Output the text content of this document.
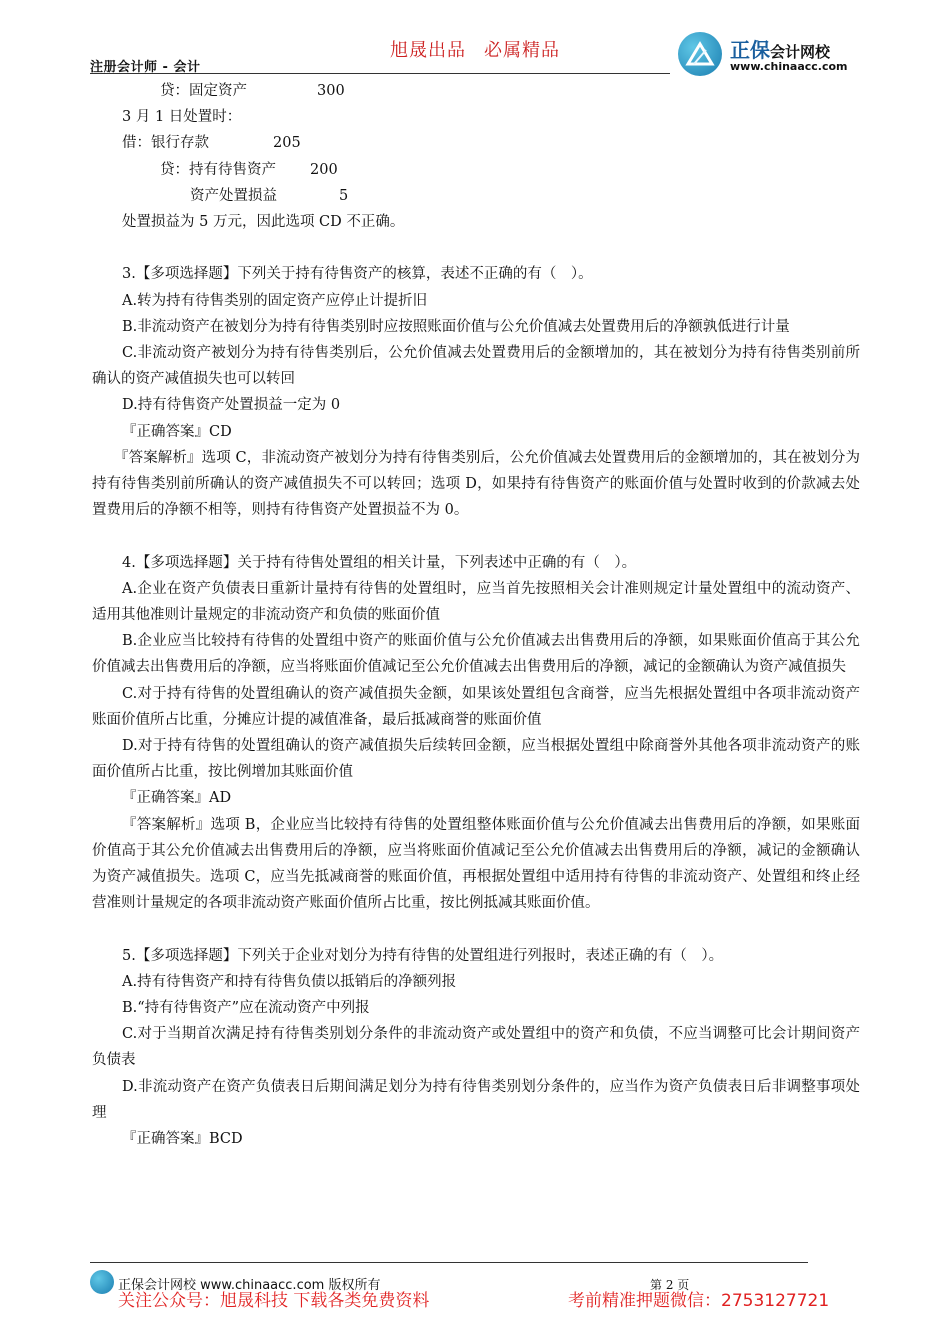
注册会计师 - 会计
旭晟出品 必属精品	正保会计网校
www.chinaacc.com

贷：固定资产	300

3 月 1 日处置时：

借：银行存款	205

贷：持有待售资产 200

资产处置损益	5

处置损益为 5 万元，因此选项 CD 不正确。

3.【多项选择题】下列关于持有待售资产的核算，表述不正确的有（　）。

A.转为持有待售类别的固定资产应停止计提折旧

B.非流动资产在被划分为持有待售类别时应按照账面价值与公允价值减去处置费用后的净额孰低进行计量

C.非流动资产被划分为持有待售类别后，公允价值减去处置费用后的金额增加的，其在被划分为持有待售类别前所确认的资产减值损失也可以转回

D.持有待售资产处置损益一定为 0

『正确答案』CD

『答案解析』选项 C，非流动资产被划分为持有待售类别后，公允价值减去处置费用后的金额增加的，其在被划分为持有待售类别前所确认的资产减值损失不可以转回；选项 D，如果持有待售资产的账面价值与处置时收到的价款减去处置费用后的净额不相等，则持有待售资产处置损益不为 0。

4.【多项选择题】关于持有待售处置组的相关计量，下列表述中正确的有（　）。

A.企业在资产负债表日重新计量持有待售的处置组时，应当首先按照相关会计准则规定计量处置组中的流动资产、适用其他准则计量规定的非流动资产和负债的账面价值

B.企业应当比较持有待售的处置组中资产的账面价值与公允价值减去出售费用后的净额，如果账面价值高于其公允价值减去出售费用后的净额，应当将账面价值减记至公允价值减去出售费用后的净额，减记的金额确认为资产减值损失

C.对于持有待售的处置组确认的资产减值损失金额，如果该处置组包含商誉，应当先根据处置组中各项非流动资产账面价值所占比重，分摊应计提的减值准备，最后抵减商誉的账面价值

D.对于持有待售的处置组确认的资产减值损失后续转回金额，应当根据处置组中除商誉外其他各项非流动资产的账面价值所占比重，按比例增加其账面价值

『正确答案』AD

『答案解析』选项 B，企业应当比较持有待售的处置组整体账面价值与公允价值减去出售费用后的净额，如果账面价值高于其公允价值减去出售费用后的净额，应当将账面价值减记至公允价值减去出售费用后的净额，减记的金额确认为资产减值损失。选项 C，应当先抵减商誉的账面价值，再根据处置组中适用持有待售的非流动资产、处置组和终止经营准则计量规定的各项非流动资产账面价值所占比重，按比例抵减其账面价值。

5.【多项选择题】下列关于企业对划分为持有待售的处置组进行列报时，表述正确的有（　）。

A.持有待售资产和持有待售负债以抵销后的净额列报

B.“持有待售资产”应在流动资产中列报

C.对于当期首次满足持有待售类别划分条件的非流动资产或处置组中的资产和负债，不应当调整可比会计期间资产负债表

D.非流动资产在资产负债表日后期间满足划分为持有待售类别划分条件的，应当作为资产负债表日后非调整事项处理

『正确答案』BCD

正保会计网校 www.chinaacc.com 版权所有	第 2 页
关注公众号：旭晟科技 下载各类免费资料	考前精准押题微信：2753127721
